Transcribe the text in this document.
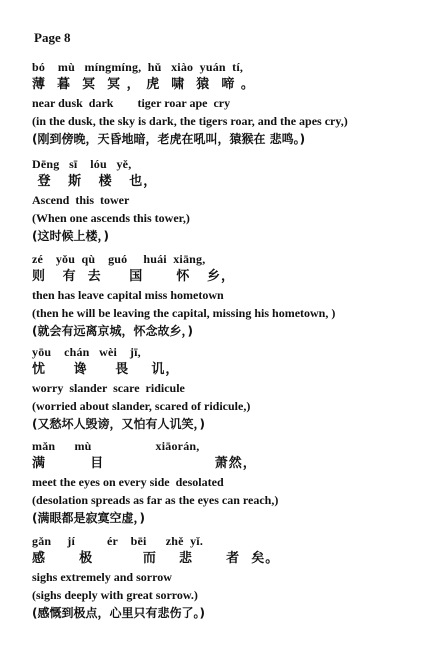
Page 8
bó    mù   míngmíng,  hǔ   xiào  yuán  tí,
薄  暮  冥  冥 ， 虎  啸  猿  啼 。
near dusk  dark        tiger roar ape  cry
(in the dusk, the sky is dark, the tigers roar, and the apes cry,)
(刚到傍晚，天昏地暗，老虎在吼叫，猿猴在 悲鸣。)
Dēng   sī    lóu   yě,
登   斯   楼   也，
Ascend  this  tower
(When one ascends this tower,)
(这时候上楼，)
zé    yǒu  qù    guó     huái  xiāng,
则   有  去     国      怀   乡，
then has leave capital miss hometown
(then he will be leaving the capital, missing his hometown, )
(就会有远离京城，怀念故乡，)
yōu    chán   wèi    jī,
忧     谗     畏    讥，
worry  slander  scare  ridicule
(worried about slander, scared of ridicule,)
(又愁坏人毁谤，又怕有人讥笑，)
mǎn      mù                    xiāorán,
满        目                    萧然，
meet the eyes on every side  desolated
(desolation spreads as far as the eyes can reach,)
(满眼都是寂寞空虚，)
gǎn     jí          ér    bēi      zhě  yǐ.
感      极         而    悲      者  矣。
sighs extremely and sorrow
(sighs deeply with great sorrow.)
(感慨到极点，心里只有悲伤了。)
